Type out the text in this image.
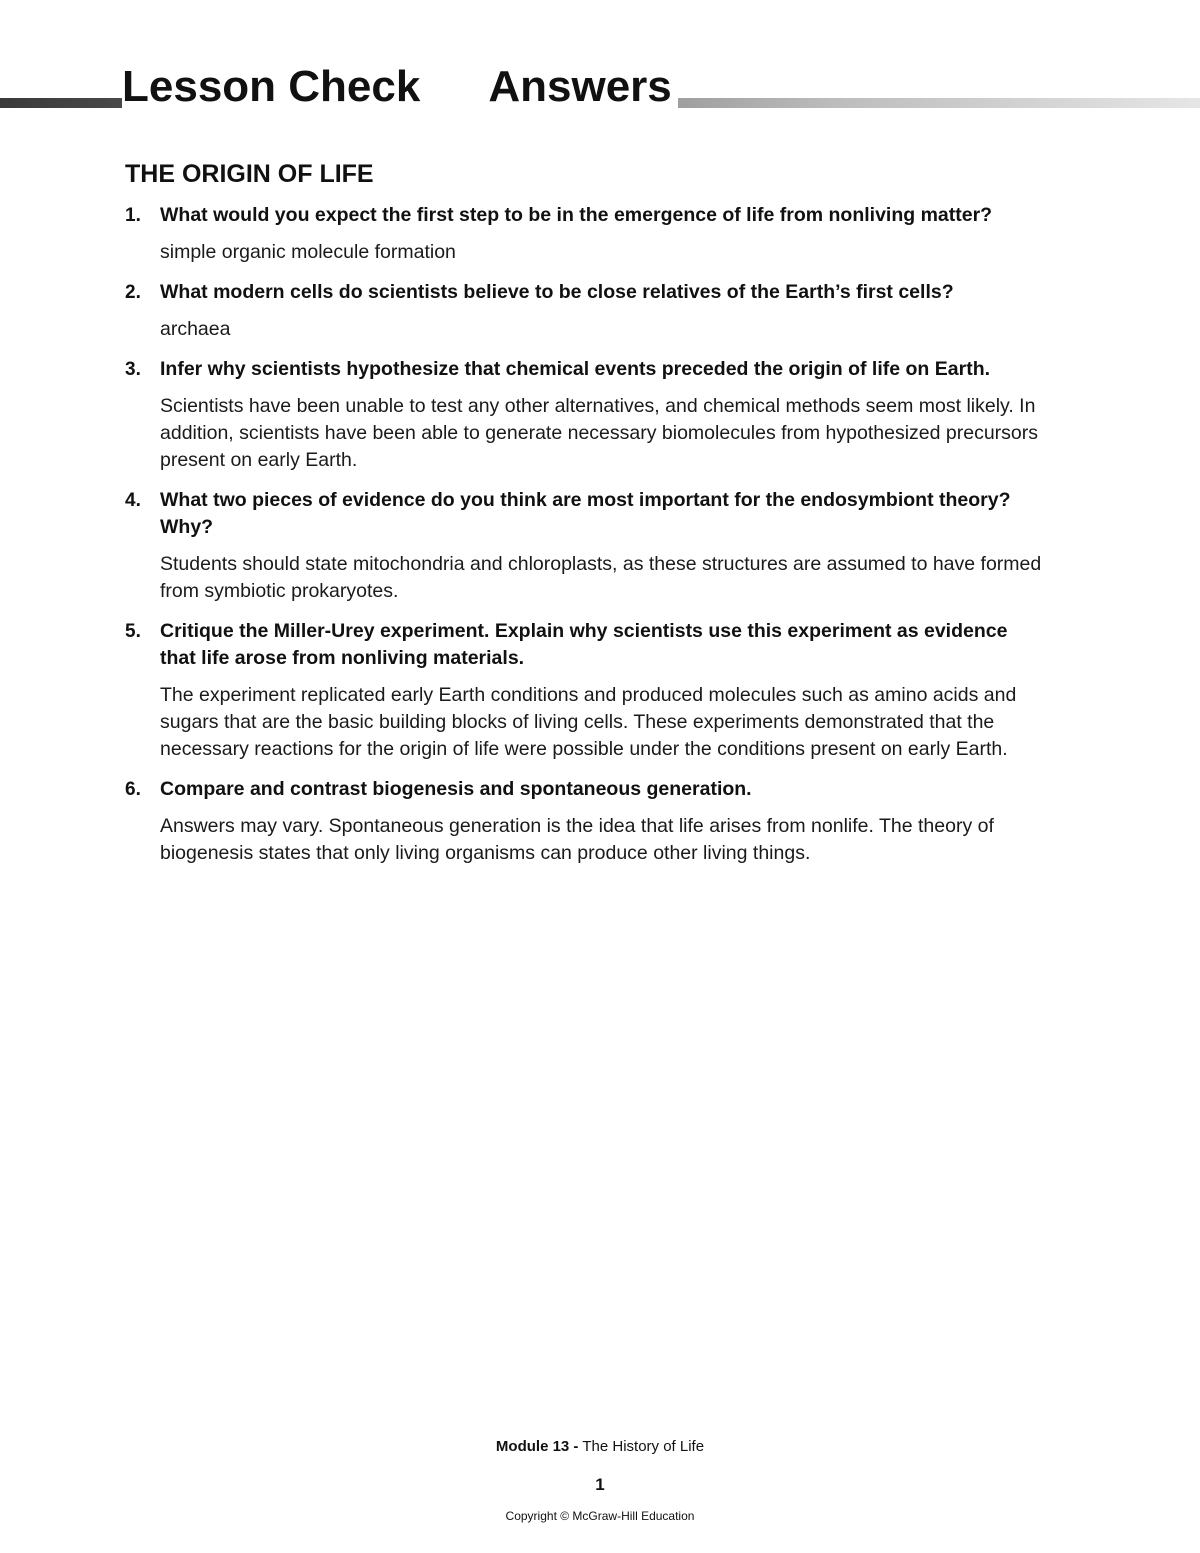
Lesson Check Answers
THE ORIGIN OF LIFE
1. What would you expect the first step to be in the emergence of life from nonliving matter?
simple organic molecule formation
2. What modern cells do scientists believe to be close relatives of the Earth’s first cells?
archaea
3. Infer why scientists hypothesize that chemical events preceded the origin of life on Earth.
Scientists have been unable to test any other alternatives, and chemical methods seem most likely. In addition, scientists have been able to generate necessary biomolecules from hypothesized precursors present on early Earth.
4. What two pieces of evidence do you think are most important for the endosymbiont theory? Why?
Students should state mitochondria and chloroplasts, as these structures are assumed to have formed from symbiotic prokaryotes.
5. Critique the Miller-Urey experiment. Explain why scientists use this experiment as evidence that life arose from nonliving materials.
The experiment replicated early Earth conditions and produced molecules such as amino acids and sugars that are the basic building blocks of living cells. These experiments demonstrated that the necessary reactions for the origin of life were possible under the conditions present on early Earth.
6. Compare and contrast biogenesis and spontaneous generation.
Answers may vary. Spontaneous generation is the idea that life arises from nonlife. The theory of biogenesis states that only living organisms can produce other living things.
Module 13 - The History of Life
1
Copyright © McGraw-Hill Education
